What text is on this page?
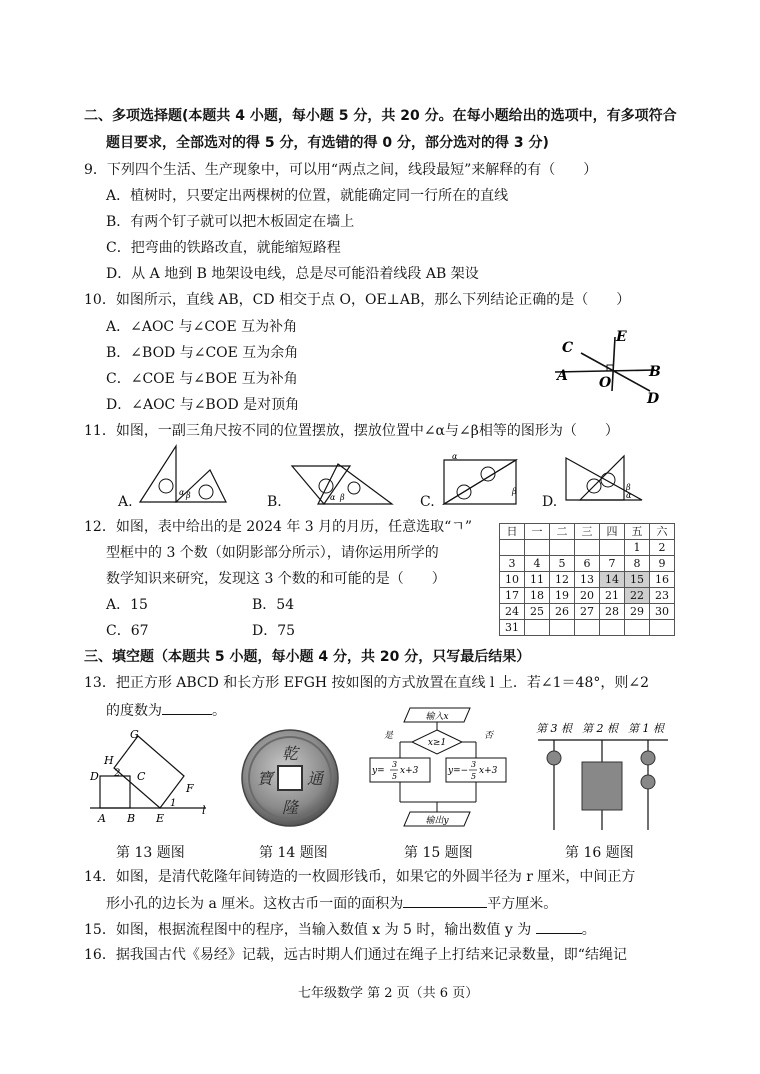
二、多项选择题(本题共 4 小题，每小题 5 分，共 20 分。在每小题给出的选项中，有多项符合
题目要求，全部选对的得 5 分，有选错的得 0 分，部分选对的得 3 分)
9．下列四个生活、生产现象中，可以用“两点之间，线段最短”来解释的有（　　）
A．植树时，只要定出两棵树的位置，就能确定同一行所在的直线
B．有两个钉子就可以把木板固定在墙上
C．把弯曲的铁路改直，就能缩短路程
D．从 A 地到 B 地架设电线，总是尽可能沿着线段 AB 架设
10．如图所示，直线 AB，CD 相交于点 O，OE⊥AB，那么下列结论正确的是（　　）
A．∠AOC 与∠COE 互为补角
B．∠BOD 与∠COE 互为余角
C．∠COE 与∠BOE 互为补角
D．∠AOC 与∠BOD 是对顶角
E
C
A O
B
D
11．如图，一副三角尺按不同的位置摆放，摆放位置中∠α与∠β相等的图形为（　　）
A.
α β	B.	α β	C.
α
β
D.
β
α
12．如图，表中给出的是 2024 年 3 月的月历，任意选取“ㄱ”
型框中的 3 个数（如阴影部分所示），请你运用所学的
数学知识来研究，发现这 3 个数的和可能的是（　　）
A．15	B．54
C．67	D．75
日	一	二	三	四	五	六
					1	2
3	4	5	6	7	8	9
10	11	12	13	14	15	16
17	18	19	20	21	22	23
24	25	26	27	28	29	30
31						
三、填空题（本题共 5 小题，每小题 4 分，共 20 分，只写最后结果）
13．把正方形 ABCD 和长方形 EFGH 按如图的方式放置在直线 l 上．若∠1＝48°，则∠2
的度数为	。
G
H
D 2 C
F
1
A B E
l
乾
隆
通
寶
输入x
x≥1
是	否
y=
3
5
x+3	y=−
3
5
x+3
输出y
第 3 根 第 2 根 第 1 根
第 13 题图	第 14 题图	第 15 题图	第 16 题图
14．如图，是清代乾隆年间铸造的一枚圆形钱币，如果它的外圆半径为 r 厘米，中间正方
形小孔的边长为 a 厘米。这枚古币一面的面积为	平方厘米。
15．如图，根据流程图中的程序，当输入数值 x 为 5 时，输出数值 y 为	。
16．据我国古代《易经》记载，远古时期人们通过在绳子上打结来记录数量，即“结绳记
七年级数学 第 2 页（共 6 页）
